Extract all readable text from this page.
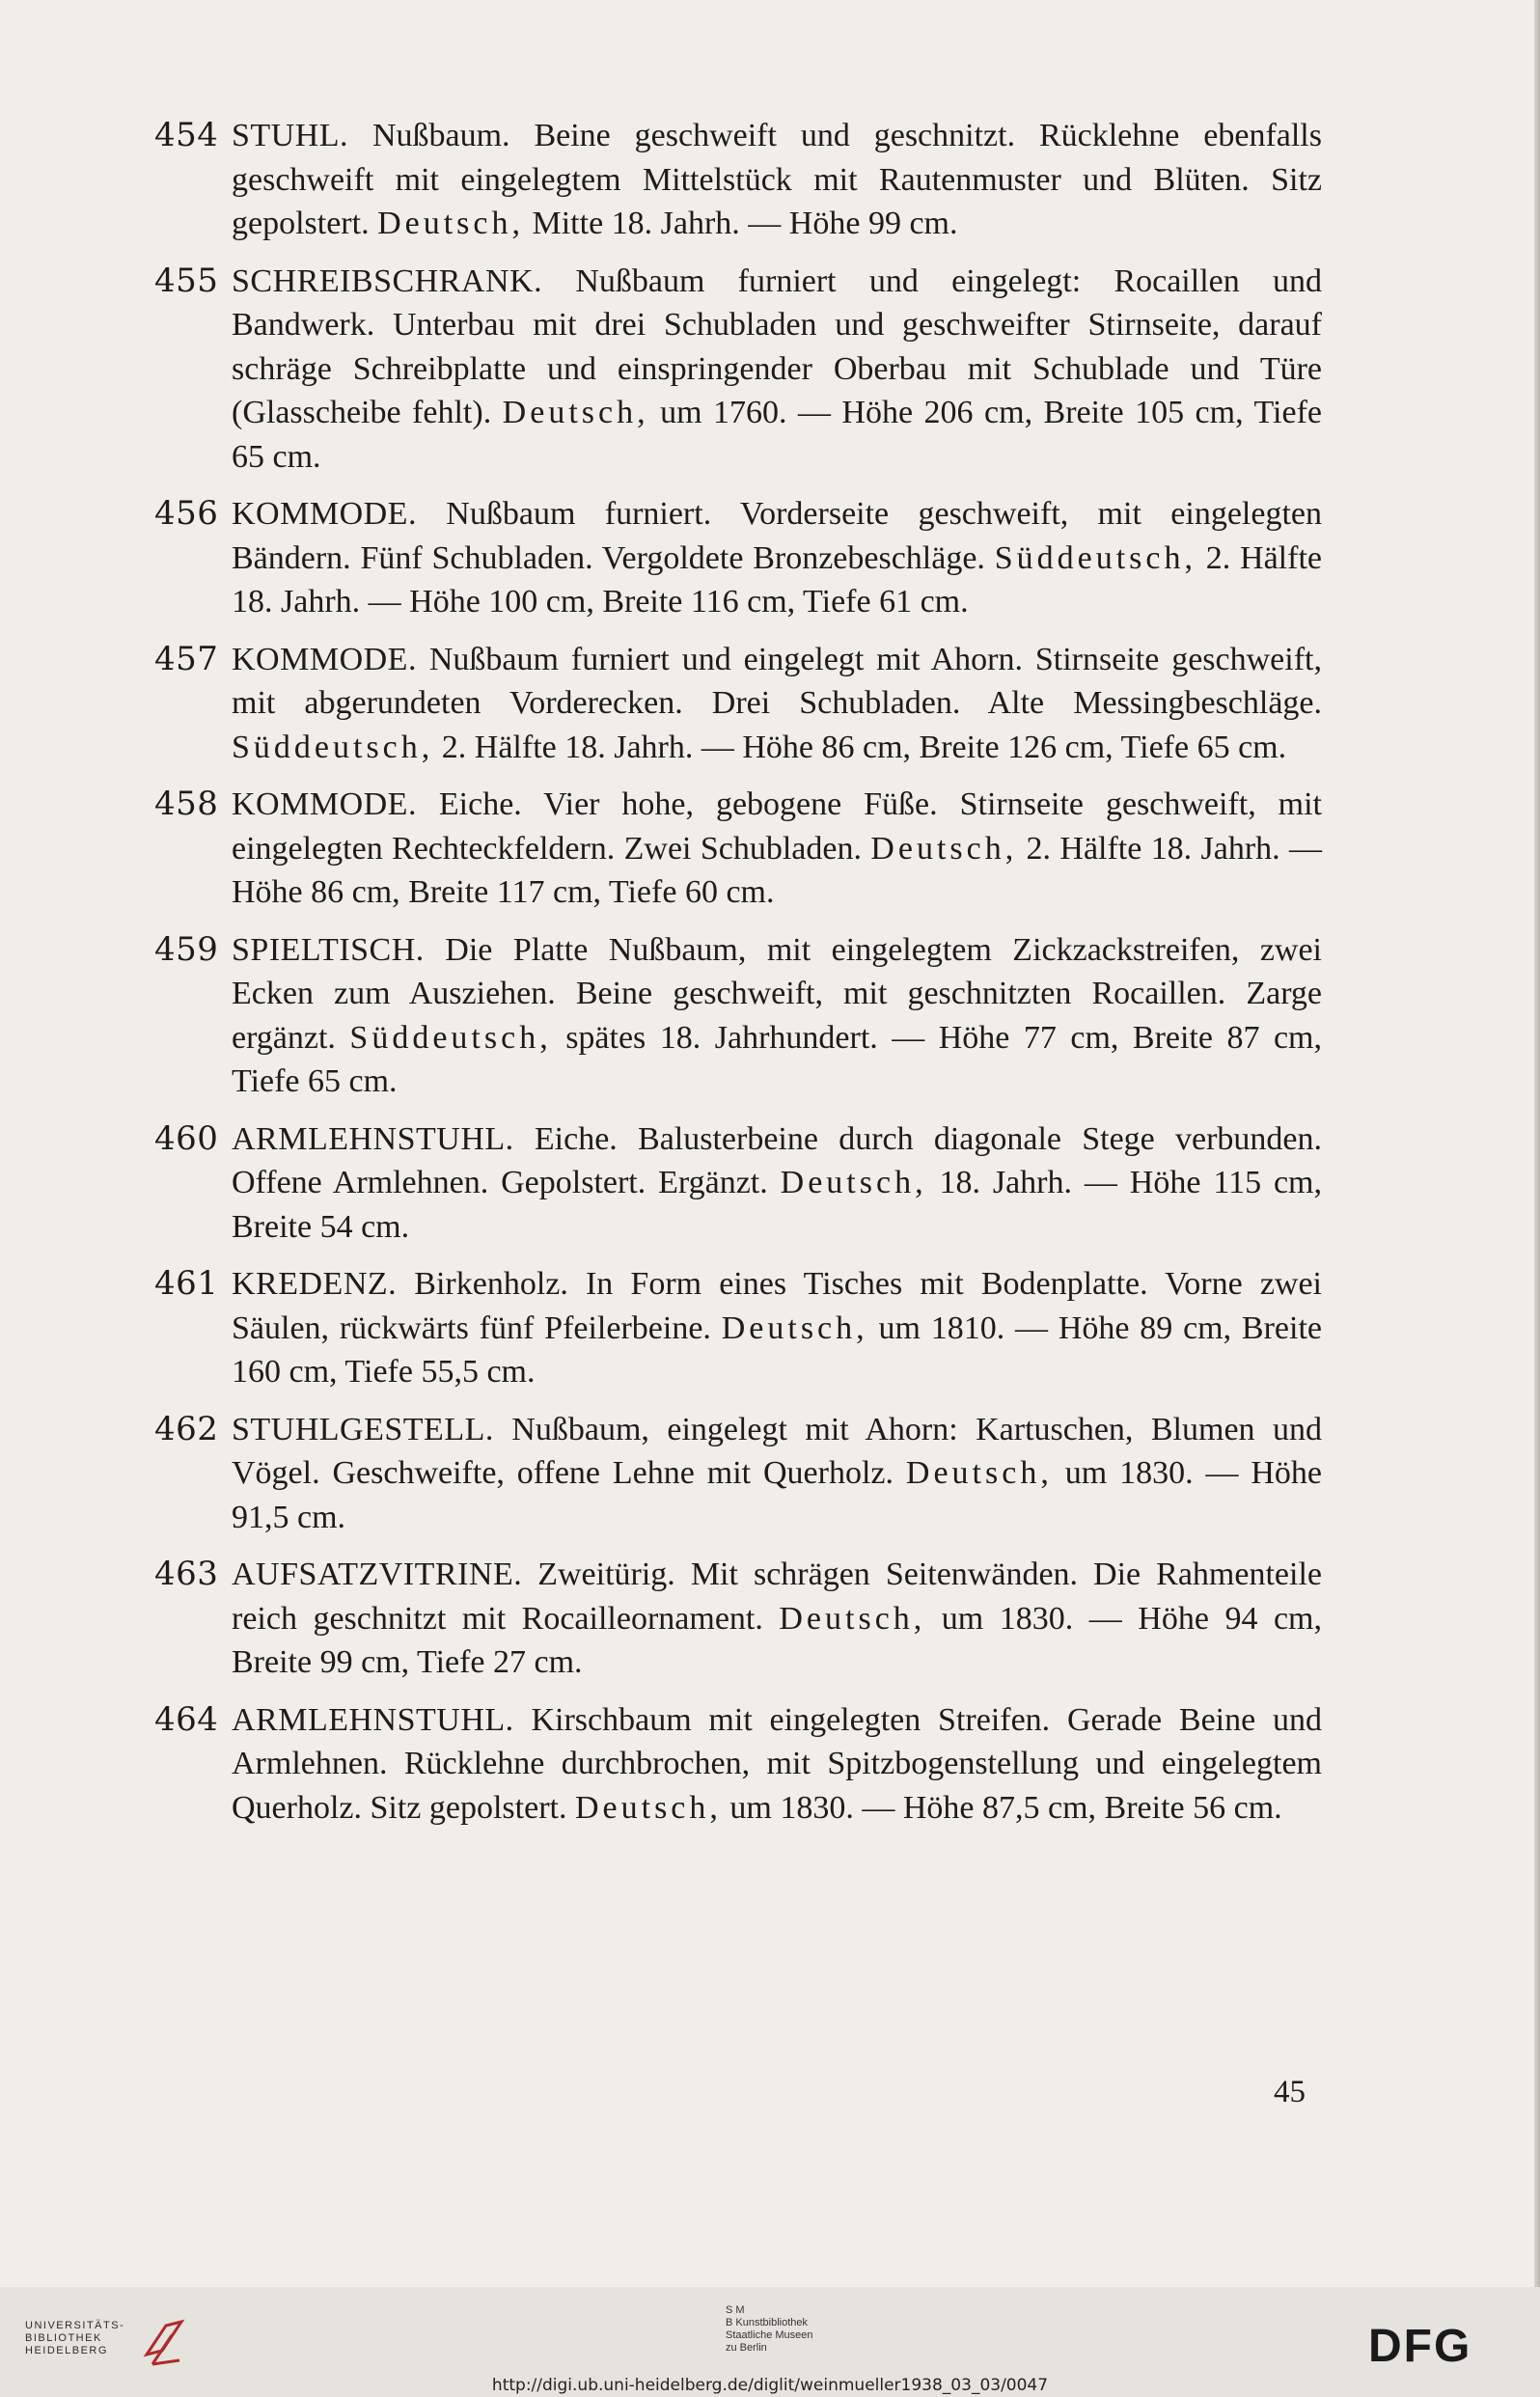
454 STUHL. Nußbaum. Beine geschweift und geschnitzt. Rücklehne ebenfalls geschweift mit eingelegtem Mittelstück mit Rautenmuster und Blüten. Sitz gepolstert. Deutsch, Mitte 18. Jahrh. — Höhe 99 cm.
455 SCHREIBSCHRANK. Nußbaum furniert und eingelegt: Rocaillen und Bandwerk. Unterbau mit drei Schubladen und geschweifter Stirnseite, darauf schräge Schreibplatte und einspringender Oberbau mit Schublade und Türe (Glasscheibe fehlt). Deutsch, um 1760. — Höhe 206 cm, Breite 105 cm, Tiefe 65 cm.
456 KOMMODE. Nußbaum furniert. Vorderseite geschweift, mit eingelegten Bändern. Fünf Schubladen. Vergoldete Bronzebeschläge. Süddeutsch, 2. Hälfte 18. Jahrh. — Höhe 100 cm, Breite 116 cm, Tiefe 61 cm.
457 KOMMODE. Nußbaum furniert und eingelegt mit Ahorn. Stirnseite geschweift, mit abgerundeten Vorderecken. Drei Schubladen. Alte Messingbeschläge. Süddeutsch, 2. Hälfte 18. Jahrh. — Höhe 86 cm, Breite 126 cm, Tiefe 65 cm.
458 KOMMODE. Eiche. Vier hohe, gebogene Füße. Stirnseite geschweift, mit eingelegten Rechteckfeldern. Zwei Schubladen. Deutsch, 2. Hälfte 18. Jahrh. — Höhe 86 cm, Breite 117 cm, Tiefe 60 cm.
459 SPIELTISCH. Die Platte Nußbaum, mit eingelegtem Zickzackstreifen, zwei Ecken zum Ausziehen. Beine geschweift, mit geschnitzten Rocaillen. Zarge ergänzt. Süddeutsch, spätes 18. Jahrhundert. — Höhe 77 cm, Breite 87 cm, Tiefe 65 cm.
460 ARMLEHNSTUHL. Eiche. Balusterbeine durch diagonale Stege verbunden. Offene Armlehnen. Gepolstert. Ergänzt. Deutsch, 18. Jahrh. — Höhe 115 cm, Breite 54 cm.
461 KREDENZ. Birkenholz. In Form eines Tisches mit Bodenplatte. Vorne zwei Säulen, rückwärts fünf Pfeilerbeine. Deutsch, um 1810. — Höhe 89 cm, Breite 160 cm, Tiefe 55,5 cm.
462 STUHLGESTELL. Nußbaum, eingelegt mit Ahorn: Kartuschen, Blumen und Vögel. Geschweifte, offene Lehne mit Querholz. Deutsch, um 1830. — Höhe 91,5 cm.
463 AUFSATZVITRINE. Zweitürig. Mit schrägen Seitenwänden. Die Rahmenteile reich geschnitzt mit Rocailleornament. Deutsch, um 1830. — Höhe 94 cm, Breite 99 cm, Tiefe 27 cm.
464 ARMLEHNSTUHL. Kirschbaum mit eingelegten Streifen. Gerade Beine und Armlehnen. Rücklehne durchbrochen, mit Spitzbogenstellung und eingelegtem Querholz. Sitz gepolstert. Deutsch, um 1830. — Höhe 87,5 cm, Breite 56 cm.
45
UNIVERSITÄTS-
BIBLIOTHEK
HEIDELBERG
S M
B Kunstbibliothek
Staatliche Museen
zu Berlin	DFG
http://digi.ub.uni-heidelberg.de/diglit/weinmueller1938_03_03/0047
